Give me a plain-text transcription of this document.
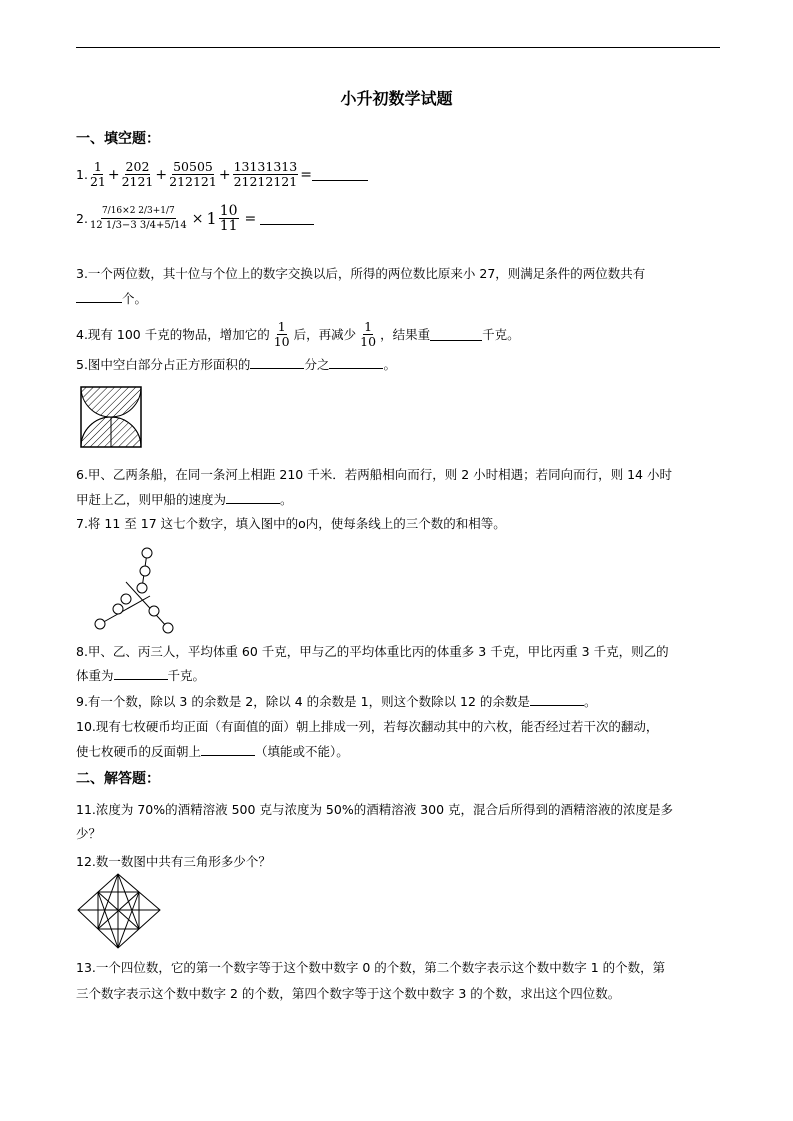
小升初数学试题
一、填空题：
1. $\frac{1}{21} + \frac{202}{2121} + \frac{50505}{212121} + \frac{13131313}{21212121}$ =
2. $\frac{7/16\times 2 2/3+1/7}{12 1/3-3 3/4+5/14} \times 1 \frac{10}{11}$ =
3.一个两位数，其十位与个位上的数字交换以后，所得的两位数比原来小 27，则满足条件的两位数共有
个。
4.现有 100 千克的物品，增加它的 $\frac{1}{10}$ 后，再减少 $\frac{1}{10}$ ，结果重	千克。
5.图中空白部分占正方形面积的	分之	。
6.甲、乙两条船，在同一条河上相距 210 千米．若两船相向而行，则 2 小时相遇；若同向而行，则 14 小时
甲赶上乙，则甲船的速度为	。
7.将 11 至 17 这七个数字，填入图中的o内，使每条线上的三个数的和相等。
8.甲、乙、丙三人，平均体重 60 千克，甲与乙的平均体重比丙的体重多 3 千克，甲比丙重 3 千克，则乙的
体重为	千克。
9.有一个数，除以 3 的余数是 2，除以 4 的余数是 1，则这个数除以 12 的余数是	。
10.现有七枚硬币均正面（有面值的面）朝上排成一列，若每次翻动其中的六枚，能否经过若干次的翻动，
使七枚硬币的反面朝上	（填能或不能）。
二、解答题：
11.浓度为 70%的酒精溶液 500 克与浓度为 50%的酒精溶液 300 克，混合后所得到的酒精溶液的浓度是多
少？
12.数一数图中共有三角形多少个？
13.一个四位数，它的第一个数字等于这个数中数字 0 的个数，第二个数字表示这个数中数字 1 的个数，第
三个数字表示这个数中数字 2 的个数，第四个数字等于这个数中数字 3 的个数，求出这个四位数。
